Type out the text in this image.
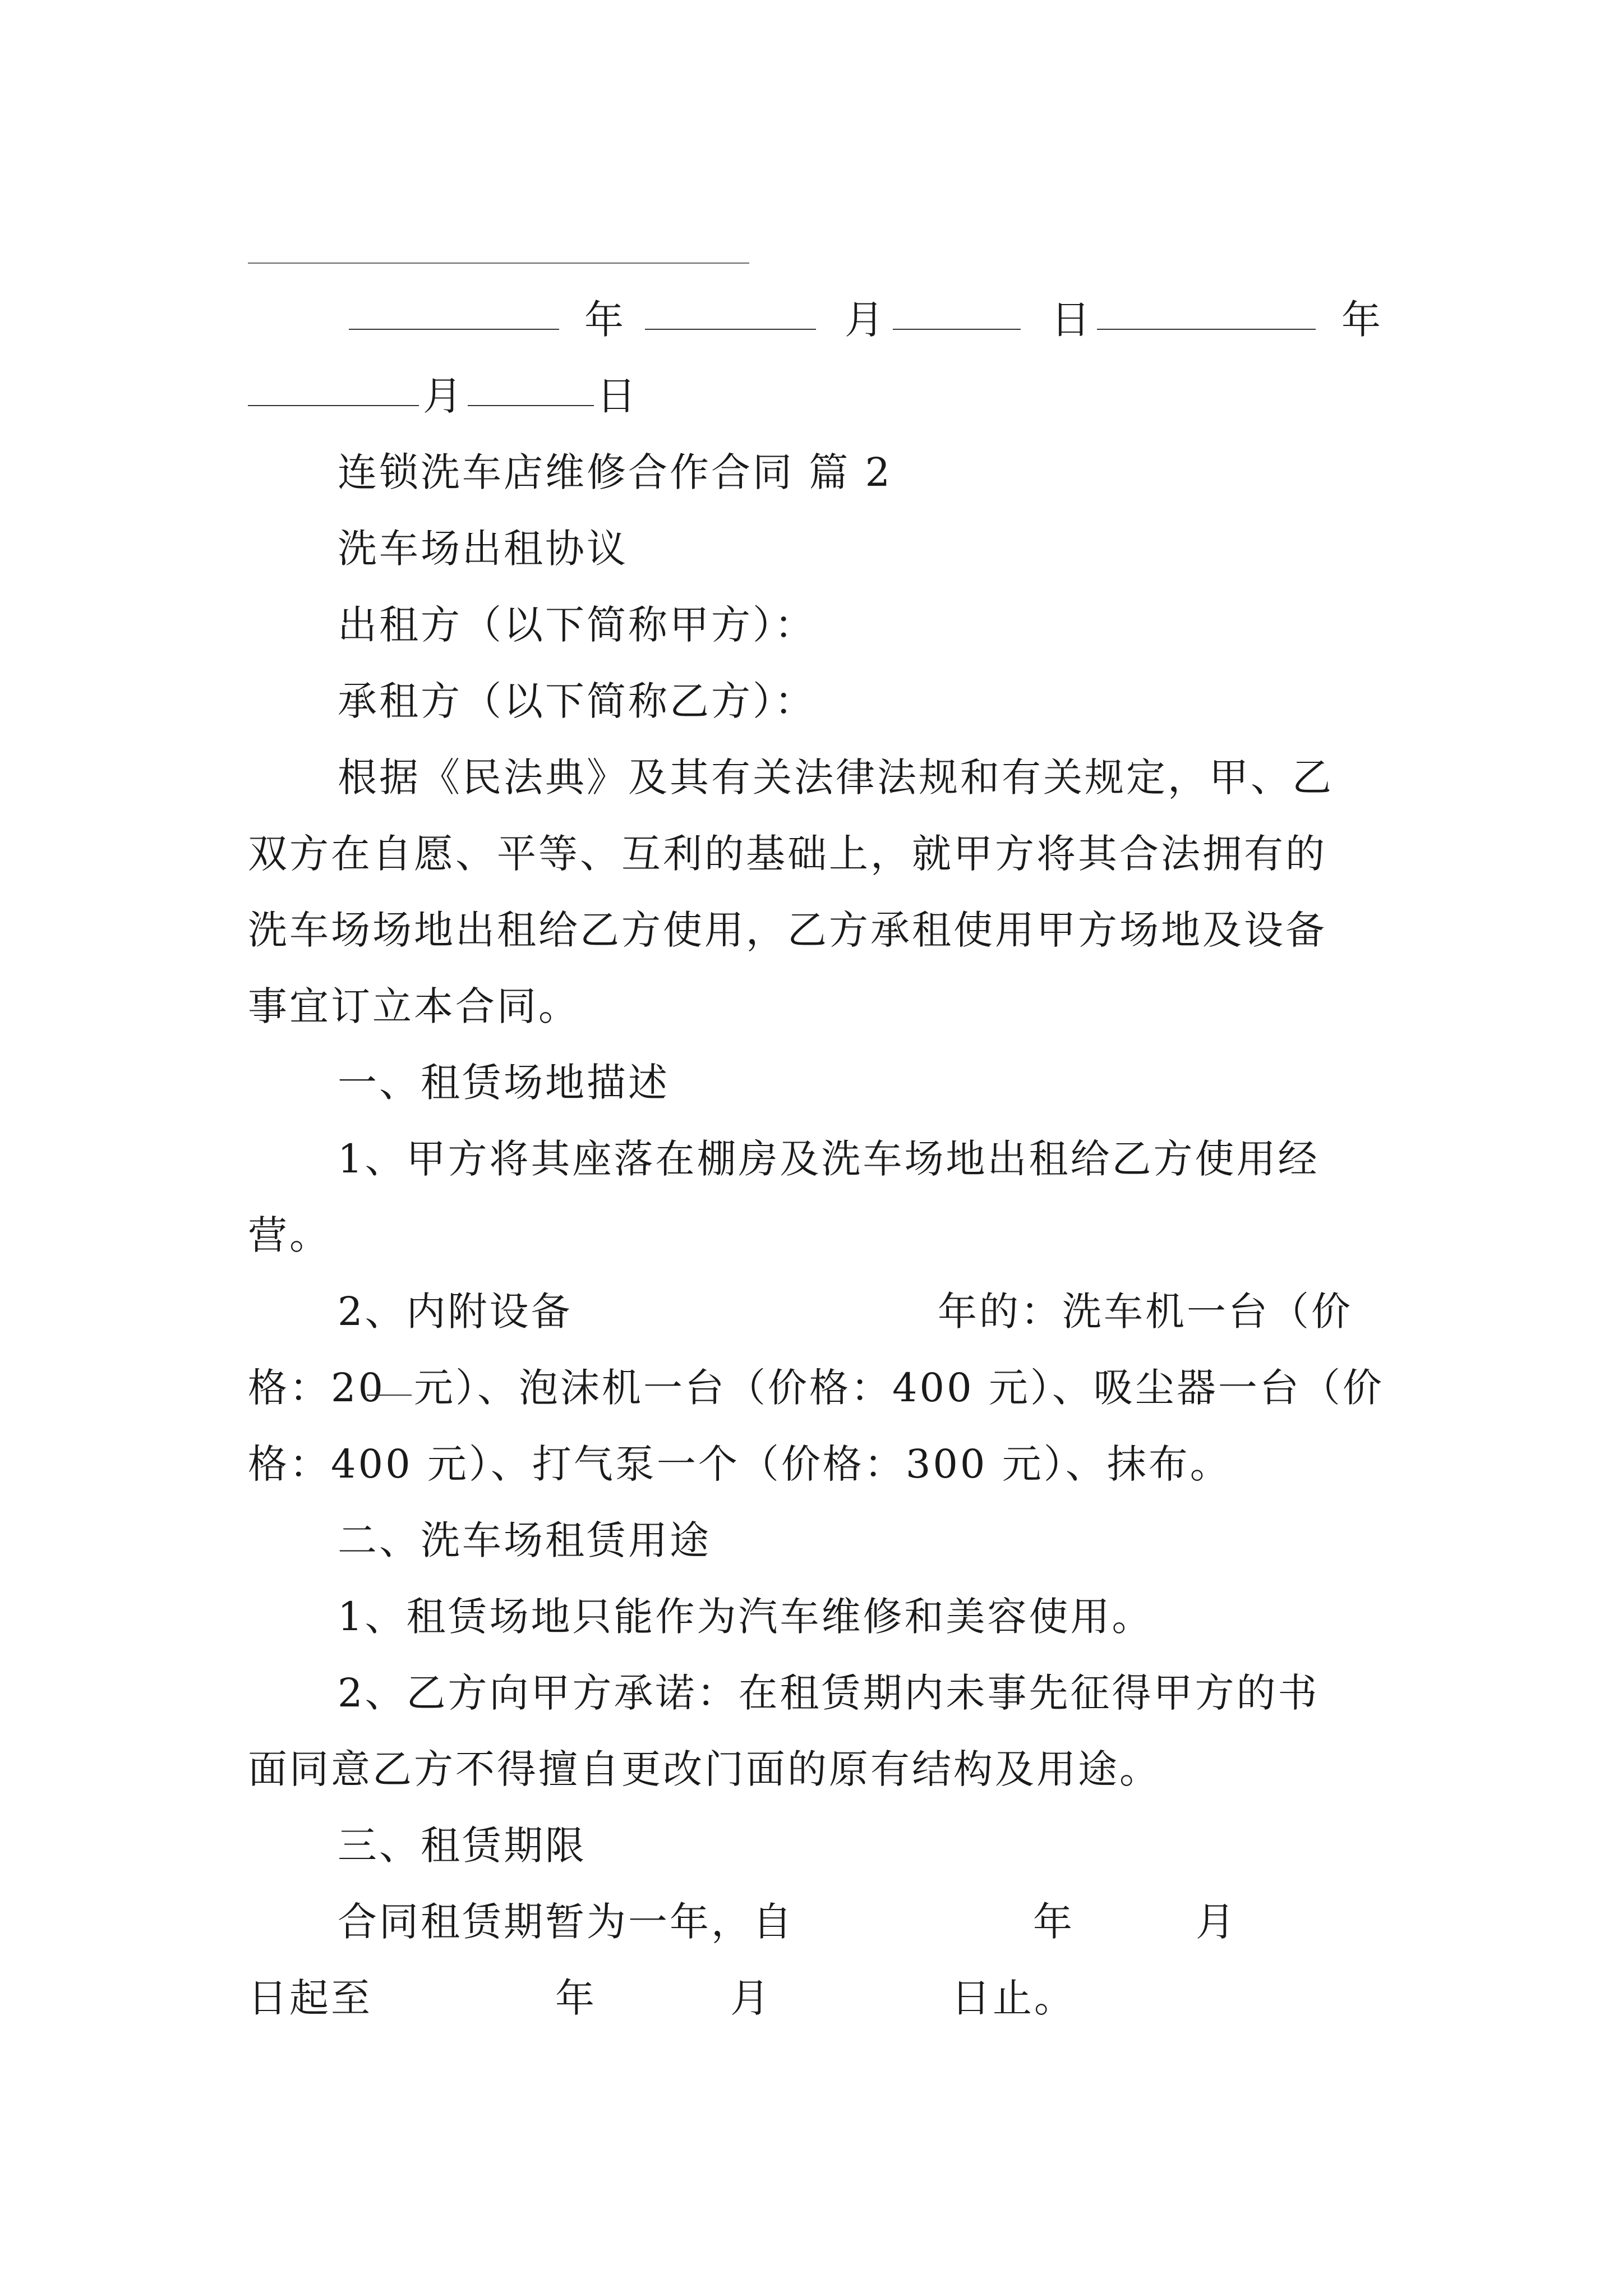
年	月	日	年
月	日
连锁洗车店维修合作合同 篇 2
洗车场出租协议
出租方（以下简称甲方）：
承租方（以下简称乙方）：
根据《民法典》及其有关法律法规和有关规定，甲、乙
双方在自愿、平等、互利的基础上，就甲方将其合法拥有的
洗车场场地出租给乙方使用，乙方承租使用甲方场地及设备
事宜订立本合同。
一、租赁场地描述
1、甲方将其座落在棚房及洗车场地出租给乙方使用经
营。
2、内附设备	年的：洗车机一台（价
格：20 元）、泡沫机一台（价格：400 元）、吸尘器一台（价
格：400 元）、打气泵一个（价格：300 元）、抹布。
二、洗车场租赁用途
1、租赁场地只能作为汽车维修和美容使用。
2、乙方向甲方承诺：在租赁期内未事先征得甲方的书
面同意乙方不得擅自更改门面的原有结构及用途。
三、租赁期限
合同租赁期暂为一年，自	年	月
日起至	年	月	日止。
